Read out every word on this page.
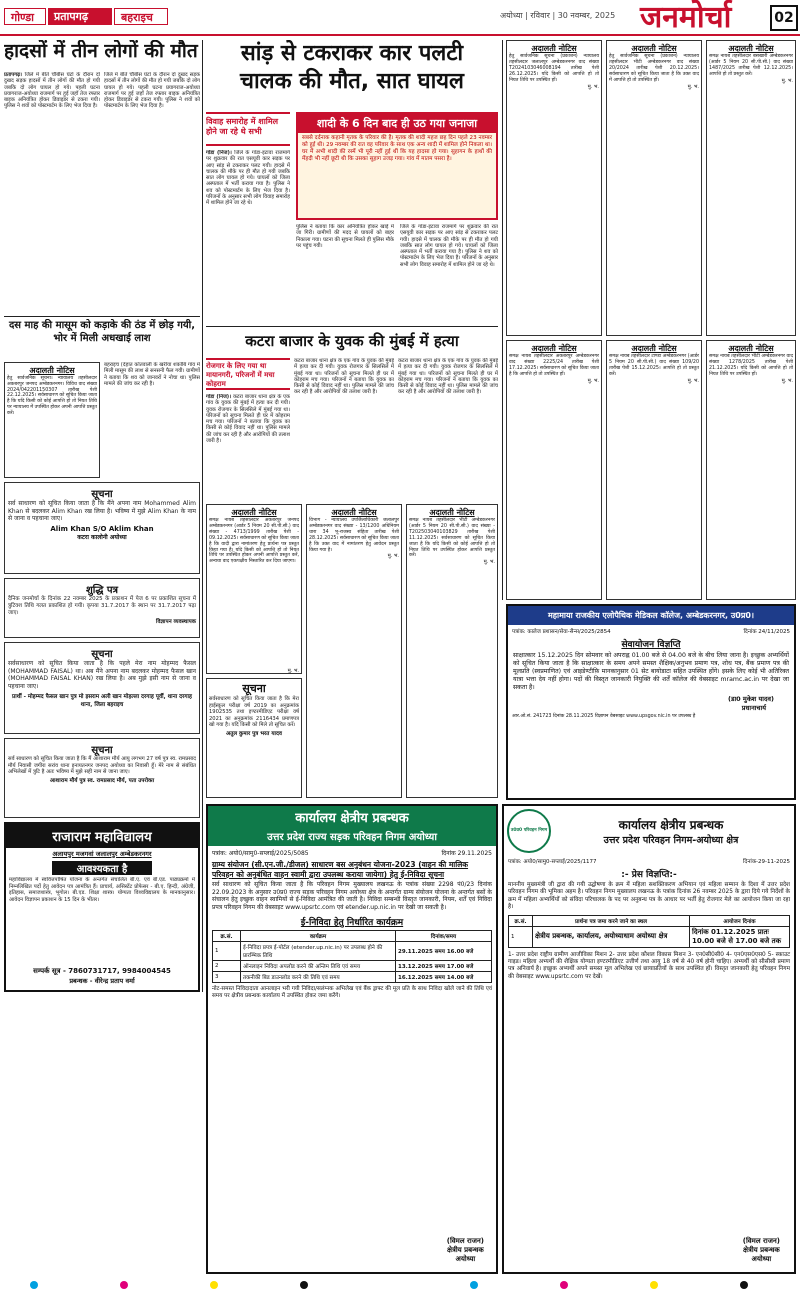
गोण्डा	प्रतापगढ़	बहराइच	अयोध्या | रविवार | 30 नवम्बर, 2025 जनमोर्चा	02
हादसों में तीन लोगों की मौत
प्रतापगढ़। जिले में बीते चौबीस घंटों के दौरान दो दुखद सड़क हादसों में तीन लोगों की मौत हो गयी जबकि दो लोग घायल हो गये। पहली घटना प्रयागराज-अयोध्या राजमार्ग पर हुई जहाँ तेज रफ्तार बाइक अनियंत्रित होकर डिवाइडर से टकरा गयी। पुलिस ने शवों को पोस्टमार्टम के लिए भेज दिया है।
जिले में बीते चौबीस घंटों के दौरान दो दुखद सड़क हादसों में तीन लोगों की मौत हो गयी जबकि दो लोग घायल हो गये। पहली घटना प्रयागराज-अयोध्या राजमार्ग पर हुई जहाँ तेज रफ्तार बाइक अनियंत्रित होकर डिवाइडर से टकरा गयी। पुलिस ने शवों को पोस्टमार्टम के लिए भेज दिया है।
दस माह की मासूम को कड़ाके की ठंड में छोड़ गयी, भोर में मिली अधखाई लाश
बहराइच (देहात कोतवाली के खरीया शकोबि गांव में मिली मासूम की लाश से सनसनी फैल गयी। ग्रामीणों ने बताया कि शव को जानवरों ने नोचा था। पुलिस मामले की जांच कर रही है।
अदालती नोटिस
हेतु सार्वजनिक सूचना। न्यायालय तहसीलदार अकबरपुर जनपद अम्बेडकरनगर। विविध वाद संख्या 2024/042201150307 तारीख पेशी 22.12.2025। सर्वसाधारण को सूचित किया जाता है कि यदि किसी को कोई आपत्ति हो तो नियत तिथि पर न्यायालय में उपस्थित होकर अपनी आपत्ति प्रस्तुत करें।
सूचना
सर्व साधारण को सूचित किया जाता है कि मैंने अपना नाम Mohammed Alim Khan से बदलकर Alim Khan रख लिया है। भविष्य में मुझे Alim Khan के नाम से जाना व पहचाना जाए।
Alim Khan S/O Aklim Khan
कटरा कालोनी अयोध्या
शुद्धि पत्र
दैनिक जनमोर्चा के दिनांक 22 नवम्बर 2025 के प्रकाशन में पेज 6 पर प्रकाशित सूचना में त्रुटिवश तिथि गलत प्रकाशित हो गयी। कृपया 31.7.2017 के स्थान पर 31.7.2017 पढ़ा जाए।
विज्ञापन व्यवस्थापक
सूचना
सर्वसाधारण को सूचित किया जाता है कि पहले मेरा नाम मोहम्मद फैसल (MOHAMMAD FAISAL) था। अब मैंने अपना नाम बदलकर मोहम्मद फैसल खान (MOHAMMAD FAISAL KHAN) रख लिया है। अब मुझे इसी नाम से जाना व पहचाना जाए।
प्रार्थी - मोहम्मद फैसल खान पुत्र मो इसराम अली खान मोहल्ला दरगाह पूर्वी, थाना दरगाह थाना, जिला बहराइच
सूचना
सर्व साधारण को सूचित किया जाता है कि मैं आशाराम मौर्य आयु लगभग 27 वर्ष पुत्र स्व. रामप्रसाद मौर्य निवासी जगीरा सरांव थाना इनायतनगर जनपद अयोध्या का निवासी हूँ। मेरे नाम से संबंधित अभिलेखों में त्रुटि है अतः भविष्य में मुझे सही नाम से जाना जाए।
आशाराम मौर्य पुत्र स्व. रामप्रसाद मौर्य, पता उपरोक्त
राजाराम महाविद्यालय
अलायपुर मजगवां जलालपुर अम्बेडकरनगर
आवश्यकता है
महाविद्यालय में स्ववित्तपोषित योजना के अन्तर्गत संचालित बी.ए. एवं बी.एड. पाठ्यक्रमों में निम्नलिखित पदों हेतु आवेदन पत्र आमंत्रित हैं। प्राचार्य, असिस्टेंट प्रोफेसर - बी.ए. हिन्दी, अंग्रेजी, इतिहास, समाजशास्त्र, भूगोल। बी.एड. शिक्षा शास्त्र। योग्यता विश्वविद्यालय के मानकानुसार। आवेदन विज्ञापन प्रकाशन के 15 दिन के भीतर।
सम्पर्क सूत्र - 7860731717, 9984004545
प्रबन्धक - वीरेन्द्र प्रताप वर्मा
सांड़ से टकराकर कार पलटी
चालक की मौत, सात घायल
विवाह समारोह में शामिल होने जा रहे थे सभी
गोंडा (निज)। जिले के गोंडा-इटावा राजमार्ग पर शुक्रवार की रात एसयूवी कार सड़क पर आए सांड़ से टकराकर पलट गयी। हादसे में चालक की मौके पर ही मौत हो गयी जबकि सात लोग घायल हो गये। घायलों को जिला अस्पताल में भर्ती कराया गया है। पुलिस ने शव को पोस्टमार्टम के लिए भेज दिया है। परिजनों के अनुसार सभी लोग विवाह समारोह में शामिल होने जा रहे थे।
शादी के 6 दिन बाद ही उठ गया जनाजा
सबसे दर्दनाक कहानी मृतक के परिवार की है। मृतक की शादी महज छह दिन पहले 23 नवम्बर को हुई थी। 29 नवम्बर की रात वह परिवार के साथ एक अन्य शादी में शामिल होने निकला था। घर में अभी शादी की रस्में भी पूरी नहीं हुई थीं कि यह हादसा हो गया। सुहागन के हाथों की मेंहदी भी नहीं छूटी थी कि उसका सुहाग उजड़ गया। गांव में मातम पसरा है।
पुलिस ने बताया कि कार अनियंत्रित होकर खाई में जा गिरी। ग्रामीणों की मदद से घायलों को बाहर निकाला गया। घटना की सूचना मिलते ही पुलिस मौके पर पहुंच गयी।
जिले के गोंडा-इटावा राजमार्ग पर शुक्रवार की रात एसयूवी कार सड़क पर आए सांड़ से टकराकर पलट गयी। हादसे में चालक की मौके पर ही मौत हो गयी जबकि सात लोग घायल हो गये। घायलों को जिला अस्पताल में भर्ती कराया गया है। पुलिस ने शव को पोस्टमार्टम के लिए भेज दिया है। परिजनों के अनुसार सभी लोग विवाह समारोह में शामिल होने जा रहे थे।
कटरा बाजार के युवक की मुंबई में हत्या
रोजगार के लिए गया था मायानगरी, परिजनों में मचा कोहराम
गोंडा (निज)। कटरा बाजार थाना क्षेत्र के एक गांव के युवक की मुंबई में हत्या कर दी गयी। युवक रोजगार के सिलसिले में मुंबई गया था। परिजनों को सूचना मिलते ही घर में कोहराम मच गया। परिजनों ने बताया कि युवक का किसी से कोई विवाद नहीं था। पुलिस मामले की जांच कर रही है और आरोपियों की तलाश जारी है।
कटरा बाजार थाना क्षेत्र के एक गांव के युवक की मुंबई में हत्या कर दी गयी। युवक रोजगार के सिलसिले में मुंबई गया था। परिजनों को सूचना मिलते ही घर में कोहराम मच गया। परिजनों ने बताया कि युवक का किसी से कोई विवाद नहीं था। पुलिस मामले की जांच कर रही है और आरोपियों की तलाश जारी है।
कटरा बाजार थाना क्षेत्र के एक गांव के युवक की मुंबई में हत्या कर दी गयी। युवक रोजगार के सिलसिले में मुंबई गया था। परिजनों को सूचना मिलते ही घर में कोहराम मच गया। परिजनों ने बताया कि युवक का किसी से कोई विवाद नहीं था। पुलिस मामले की जांच कर रही है और आरोपियों की तलाश जारी है।
अदालती नोटिस
समक्ष नायब तहसीलदार अकबरपुर जनपद अम्बेडकरनगर (आर्डर 5 नियम 20 सी.पी.सी.) वाद संख्या - 4713/1999 तारीख पेशी - 09.12.2025। सर्वसाधारण को सूचित किया जाता है कि वादी द्वारा नामांतरण हेतु प्रार्थना पत्र प्रस्तुत किया गया है। यदि किसी को आपत्ति हो तो नियत तिथि पर उपस्थित होकर अपनी आपत्ति प्रस्तुत करें, अन्यथा वाद एकपक्षीय निस्तारित कर दिया जाएगा।
मु. भ.
सूचना
सर्वसाधारण को सूचित किया जाता है कि मेरा हाईस्कूल परीक्षा वर्ष 2019 का अनुक्रमांक 1902535 तथा इण्टरमीडिएट परीक्षा वर्ष 2021 का अनुक्रमांक 2116434 प्रमाणपत्र खो गया है। यदि किसी को मिले तो सूचित करें।
अतुल कुमार पुत्र भरत यादव
अदालती नोटिस
विभाग - न्यायालय उपजिलाधिकारी जलालपुर अम्बेडकरनगर वाद संख्या - 13/1200 अधिनियम धारा 34 भू-राजस्व संहिता तारीख पेशी 28.12.2025। सर्वसाधारण को सूचित किया जाता है कि उक्त वाद में नामांतरण हेतु आवेदन प्रस्तुत किया गया है।
मु. भ.
अदालती नोटिस
समक्ष नायब तहसीलदार भीटी अम्बेडकरनगर (आर्डर 5 नियम 20 सी.पी.सी.) वाद संख्या - T202503040103829 तारीख पेशी 11.12.2025। सर्वसाधारण को सूचित किया जाता है कि यदि किसी को कोई आपत्ति हो तो नियत तिथि पर उपस्थित होकर आपत्ति प्रस्तुत करें।
मु. भ.
अदालती नोटिस
हेतु सार्वजनिक सूचना (प्रकाशन) न्यायालय तहसीलदार जलालपुर अम्बेडकरनगर वाद संख्या T2024103046008194 तारीख पेशी 26.12.2025। यदि किसी को आपत्ति हो तो नियत तिथि पर उपस्थित हों।
मु. भ.
अदालती नोटिस
हेतु सार्वजनिक सूचना (प्रकाशन) न्यायालय तहसीलदार भीटी अम्बेडकरनगर वाद संख्या 20/2024 तारीख पेशी 20.12.2025। सर्वसाधारण को सूचित किया जाता है कि उक्त वाद में आपत्ति हो तो उपस्थित हों।
मु. भ.
अदालती नोटिस
समक्ष नायब तहसीलदार बसखारी अम्बेडकरनगर (आर्डर 5 नियम 20 सी.पी.सी.) वाद संख्या 1487/2025 तारीख पेशी 12.12.2025। आपत्ति हो तो प्रस्तुत करें।
मु. भ.
अदालती नोटिस
समक्ष नायब तहसीलदार अकबरपुर अम्बेडकरनगर वाद संख्या 2225/24 तारीख पेशी 17.12.2025। सर्वसाधारण को सूचित किया जाता है कि आपत्ति हो तो उपस्थित हों।
मु. भ.
अदालती नोटिस
समक्ष नायब तहसीलदार टाण्डा अम्बेडकरनगर (आर्डर 5 नियम 20 सी.पी.सी.) वाद संख्या 109/20 तारीख पेशी 15.12.2025। आपत्ति हो तो प्रस्तुत करें।
मु. भ.
अदालती नोटिस
समक्ष नायब तहसीलदार भीटी अम्बेडकरनगर वाद संख्या 1278/2025 तारीख पेशी 21.12.2025। यदि किसी को आपत्ति हो तो नियत तिथि पर उपस्थित हों।
मु. भ.
महामाया राजकीय एलोपैथिक मेडिकल कॉलेज, अम्बेडकरनगर, उ0प्र0।
पत्रांक: कालेज प्रशासन/सेवा-सैन्स/2025/2854	दिनांक 24/11/2025
सेवायोजन विज्ञप्ति
साक्षात्कार 15.12.2025 दिन सोमवार को अपराह्न 01.00 बजे से 04.00 बजे के बीच लिया जाना है। इच्छुक अभ्यर्थियों को सूचित किया जाता है कि साक्षात्कार के समय अपने समस्त शैक्षिक/अनुभव प्रमाण पत्र, शोध पत्र, बैंक प्रमाण पत्र की मूलप्रति (स्वप्रमाणित) एवं आइडेण्टीफ़ि मानकानुसार 01 सेट बायोडाटा सहित उपस्थित होंगे। इसके लिए कोई भी अतिरिक्त यात्रा भत्ता देय नहीं होगा। पदों की विस्तृत जानकारी नियुक्ति की शर्तें कॉलेज की वेबसाइट mramc.ac.in पर देखा जा सकता है।
(डा0 मुकेश यादव)
प्रधानाचार्य
आर.ओ.सं. 241723 दिनांक 28.11.2025 विज्ञापन वेबसाइट www.upsgov.nic.in पर उपलब्ध है
कार्यालय क्षेत्रीय प्रबन्धक
उत्तर प्रदेश राज्य सड़क परिवहन निगम अयोध्या
पत्रांक: अयो0/सामु0-सप्लाई/2025/5085	दिनांक 29.11.2025
ग्राम्य संयोजन (सी.एन.जी./डीजल) साधारण बस अनुबंधन योजना-2023 (वाहन की मालिक परिवहन को अनुबंधित वाहन स्वामी द्वारा उपलब्ध कराया जायेगा) हेतु ई-निविदा सूचना
सर्व साधारण को सूचित किया जाता है कि परिवहन निगम मुख्यालय लखनऊ के पत्रांक संख्या 2298 पं0/23 दिनांक 22.09.2023 के अनुसार उ0प्र0 राज्य सड़क परिवहन निगम अयोध्या क्षेत्र के अन्तर्गत ग्राम्य संयोजन योजना के अन्तर्गत बसों के संचालन हेतु इच्छुक वाहन स्वामियों से ई-निविदा आमंत्रित की जाती है। निविदा सम्बन्धी विस्तृत जानकारी, नियम, शर्तें एवं निविदा प्रपत्र परिवहन निगम की वेबसाइट www.upsrtc.com एवं etender.up.nic.in पर देखी जा सकती है।
ई-निविदा हेतु निर्धारित कार्यक्रम
क्र.सं.	कार्यक्रम	दिनांक/समय
1	ई-निविदा प्रपत्र ई-पोर्टल (etender.up.nic.in) पर उपलब्ध होने की प्रारम्भिक तिथि	29.11.2025 समय 16.00 बजे
2	ऑनलाइन निविदा अपलोड करने की अन्तिम तिथि एवं समय	13.12.2025 समय 17.00 बजे
3	तकनीकी बिड डाउनलोड करने की तिथि एवं समय	16.12.2025 समय 14.00 बजे
नोट-समस्त निविदादाता आनलाइन भरी गयी निविदा/सलंग्नक अभिलेख एवं बैंक ड्राफ्ट की मूल प्रति के साथ निविदा खोले जाने की तिथि एवं समय पर क्षेत्रीय प्रबन्धक कार्यालय में उपस्थित होकर जमा करेंगे।
(विमल राजन)
क्षेत्रीय प्रबन्धक
अयोध्या
उ0प्र0 परिवहन निगम	कार्यालय क्षेत्रीय प्रबन्धक
उत्तर प्रदेश परिवहन निगम-अयोध्या क्षेत्र
पत्रांक: अयो0/सामु0-सप्लाई/2025/1177	दिनांक-29-11-2025
:- प्रेस विज्ञप्ति:-
माननीय मुख्यमंत्री जी द्वारा की गयी उद्घोषणा के क्रम में महिला सशक्तिकरण अभियान एवं महिला सम्मान के दिशा में उत्तर प्रदेश परिवहन निगम की भूमिका अहम है। परिवहन निगम मुख्यालय लखनऊ के पत्रांक दिनांक 26 नवम्बर 2025 के द्वारा दिये गये निर्देशों के क्रम में महिला अभ्यर्थियों को संविदा परिचालक के पद पर अनुबन्ध पत्र के आधार पर भर्ती हेतु रोजगार मेले का आयोजन किया जा रहा है।
क्र.सं.	प्रार्थना पत्र जमा करने जाने का स्थल	आयोजन दिनांक
1	क्षेत्रीय प्रबन्धक, कार्यालय, अयोध्याधाम अयोध्या क्षेत्र	दिनांक 01.12.2025 प्रातः 10.00 बजे से 17.00 बजे तक
1- उत्तर प्रदेश राष्ट्रीय ग्रामीण आजीविका मिशन 2- उत्तर प्रदेश कौशल विकास मिशन 3- एन0सी0सी0 4- एन0एस0एस0 5- स्काउट गाइड। महिला अभ्यर्थी की शैक्षिक योग्यता इण्टरमीडिएट उत्तीर्ण तथा आयु 18 वर्ष से 40 वर्ष होनी चाहिए। अभ्यर्थी को सीसीसी प्रमाण पत्र अनिवार्य है। इच्छुक अभ्यर्थी अपने समस्त मूल अभिलेख एवं छायाप्रतियों के साथ उपस्थित हों। विस्तृत जानकारी हेतु परिवहन निगम की वेबसाइट www.upsrtc.com पर देखें।
(विमल राजन)
क्षेत्रीय प्रबन्धक
अयोध्या
